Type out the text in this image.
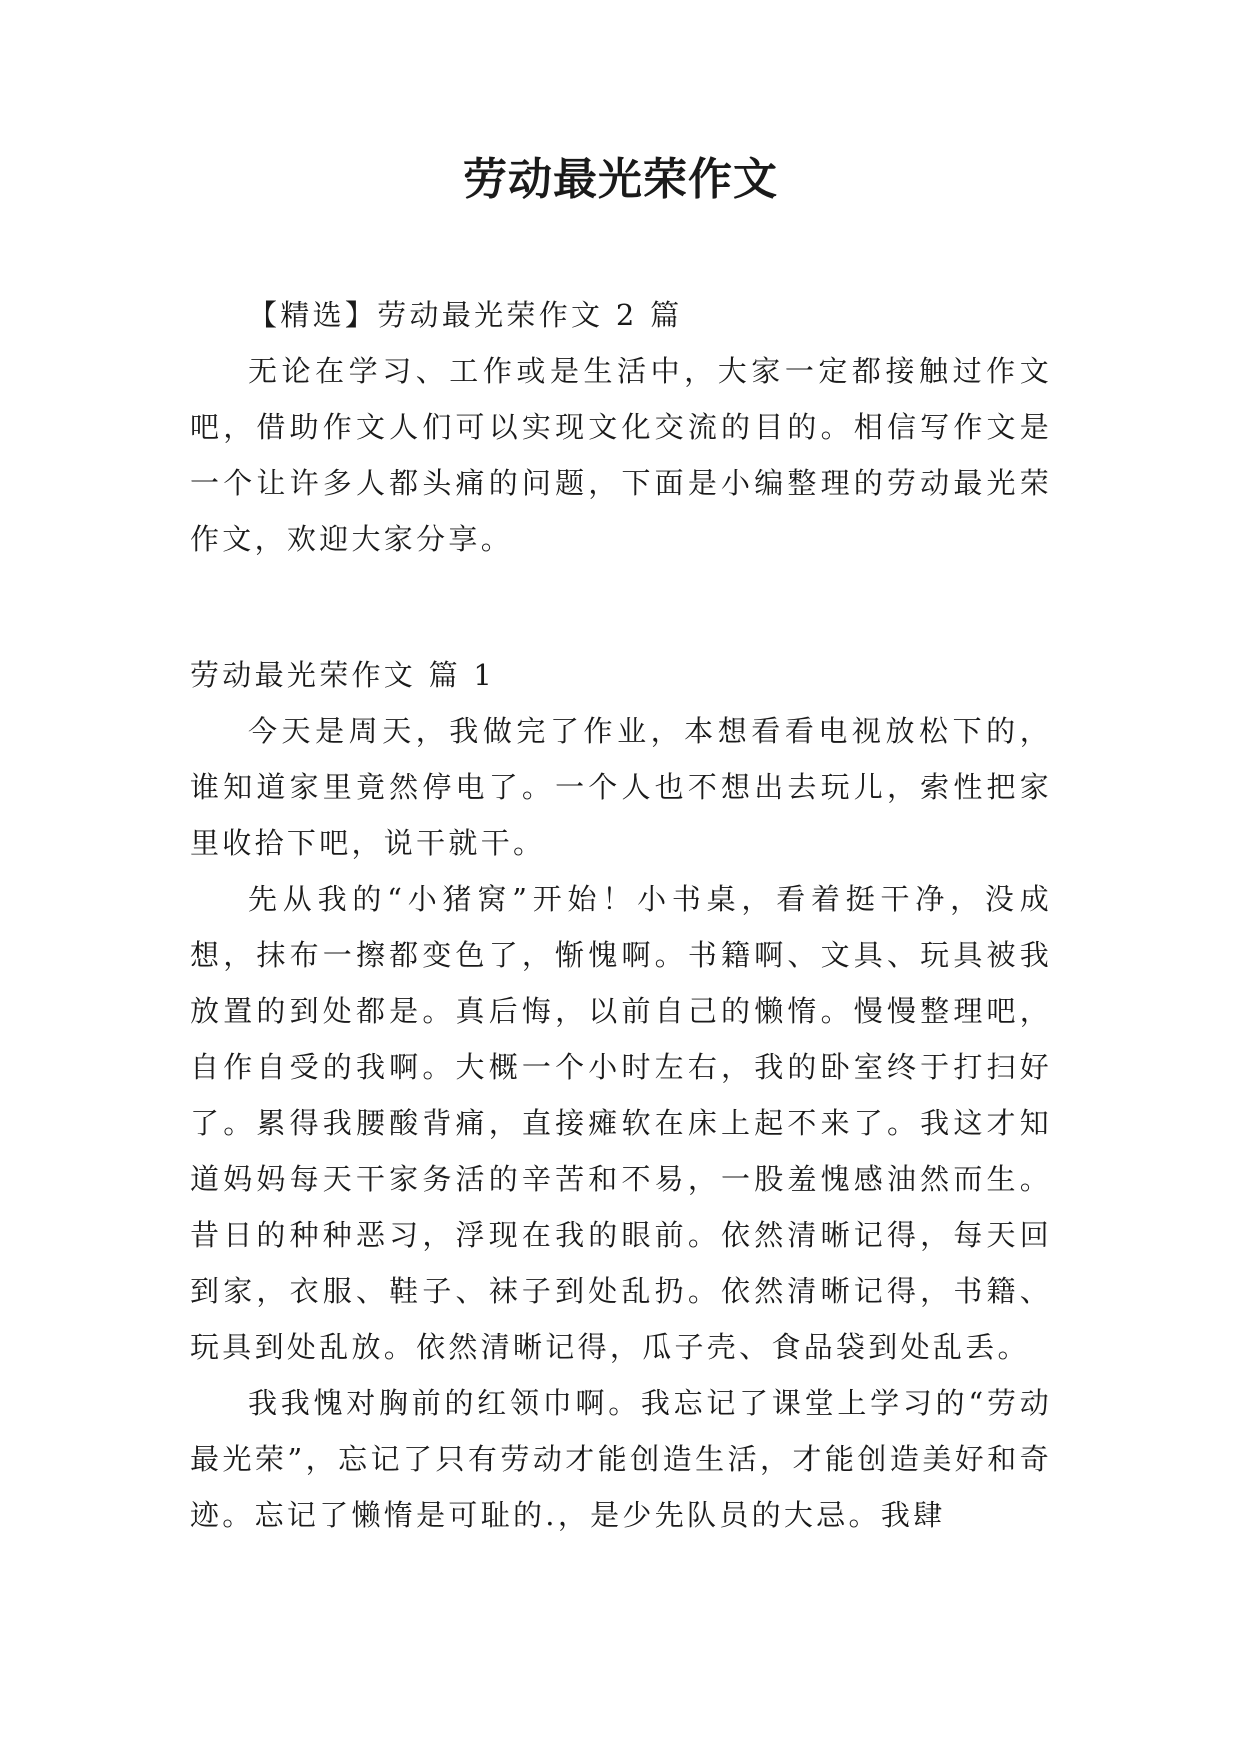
劳动最光荣作文

【精选】劳动最光荣作文 2 篇

无论在学习、工作或是生活中，大家一定都接触过作文吧，借助作文人们可以实现文化交流的目的。相信写作文是一个让许多人都头痛的问题，下面是小编整理的劳动最光荣作文，欢迎大家分享。

劳动最光荣作文 篇 1

今天是周天，我做完了作业，本想看看电视放松下的，谁知道家里竟然停电了。一个人也不想出去玩儿，索性把家里收拾下吧，说干就干。

先从我的“小猪窝”开始！小书桌，看着挺干净，没成想，抹布一擦都变色了，惭愧啊。书籍啊、文具、玩具被我放置的到处都是。真后悔，以前自己的懒惰。慢慢整理吧，自作自受的我啊。大概一个小时左右，我的卧室终于打扫好了。累得我腰酸背痛，直接瘫软在床上起不来了。我这才知道妈妈每天干家务活的辛苦和不易，一股羞愧感油然而生。昔日的种种恶习，浮现在我的眼前。依然清晰记得，每天回到家，衣服、鞋子、袜子到处乱扔。依然清晰记得，书籍、玩具到处乱放。依然清晰记得，瓜子壳、食品袋到处乱丢。

我我愧对胸前的红领巾啊。我忘记了课堂上学习的“劳动最光荣”，忘记了只有劳动才能创造生活，才能创造美好和奇迹。忘记了懒惰是可耻的.，是少先队员的大忌。我肆
